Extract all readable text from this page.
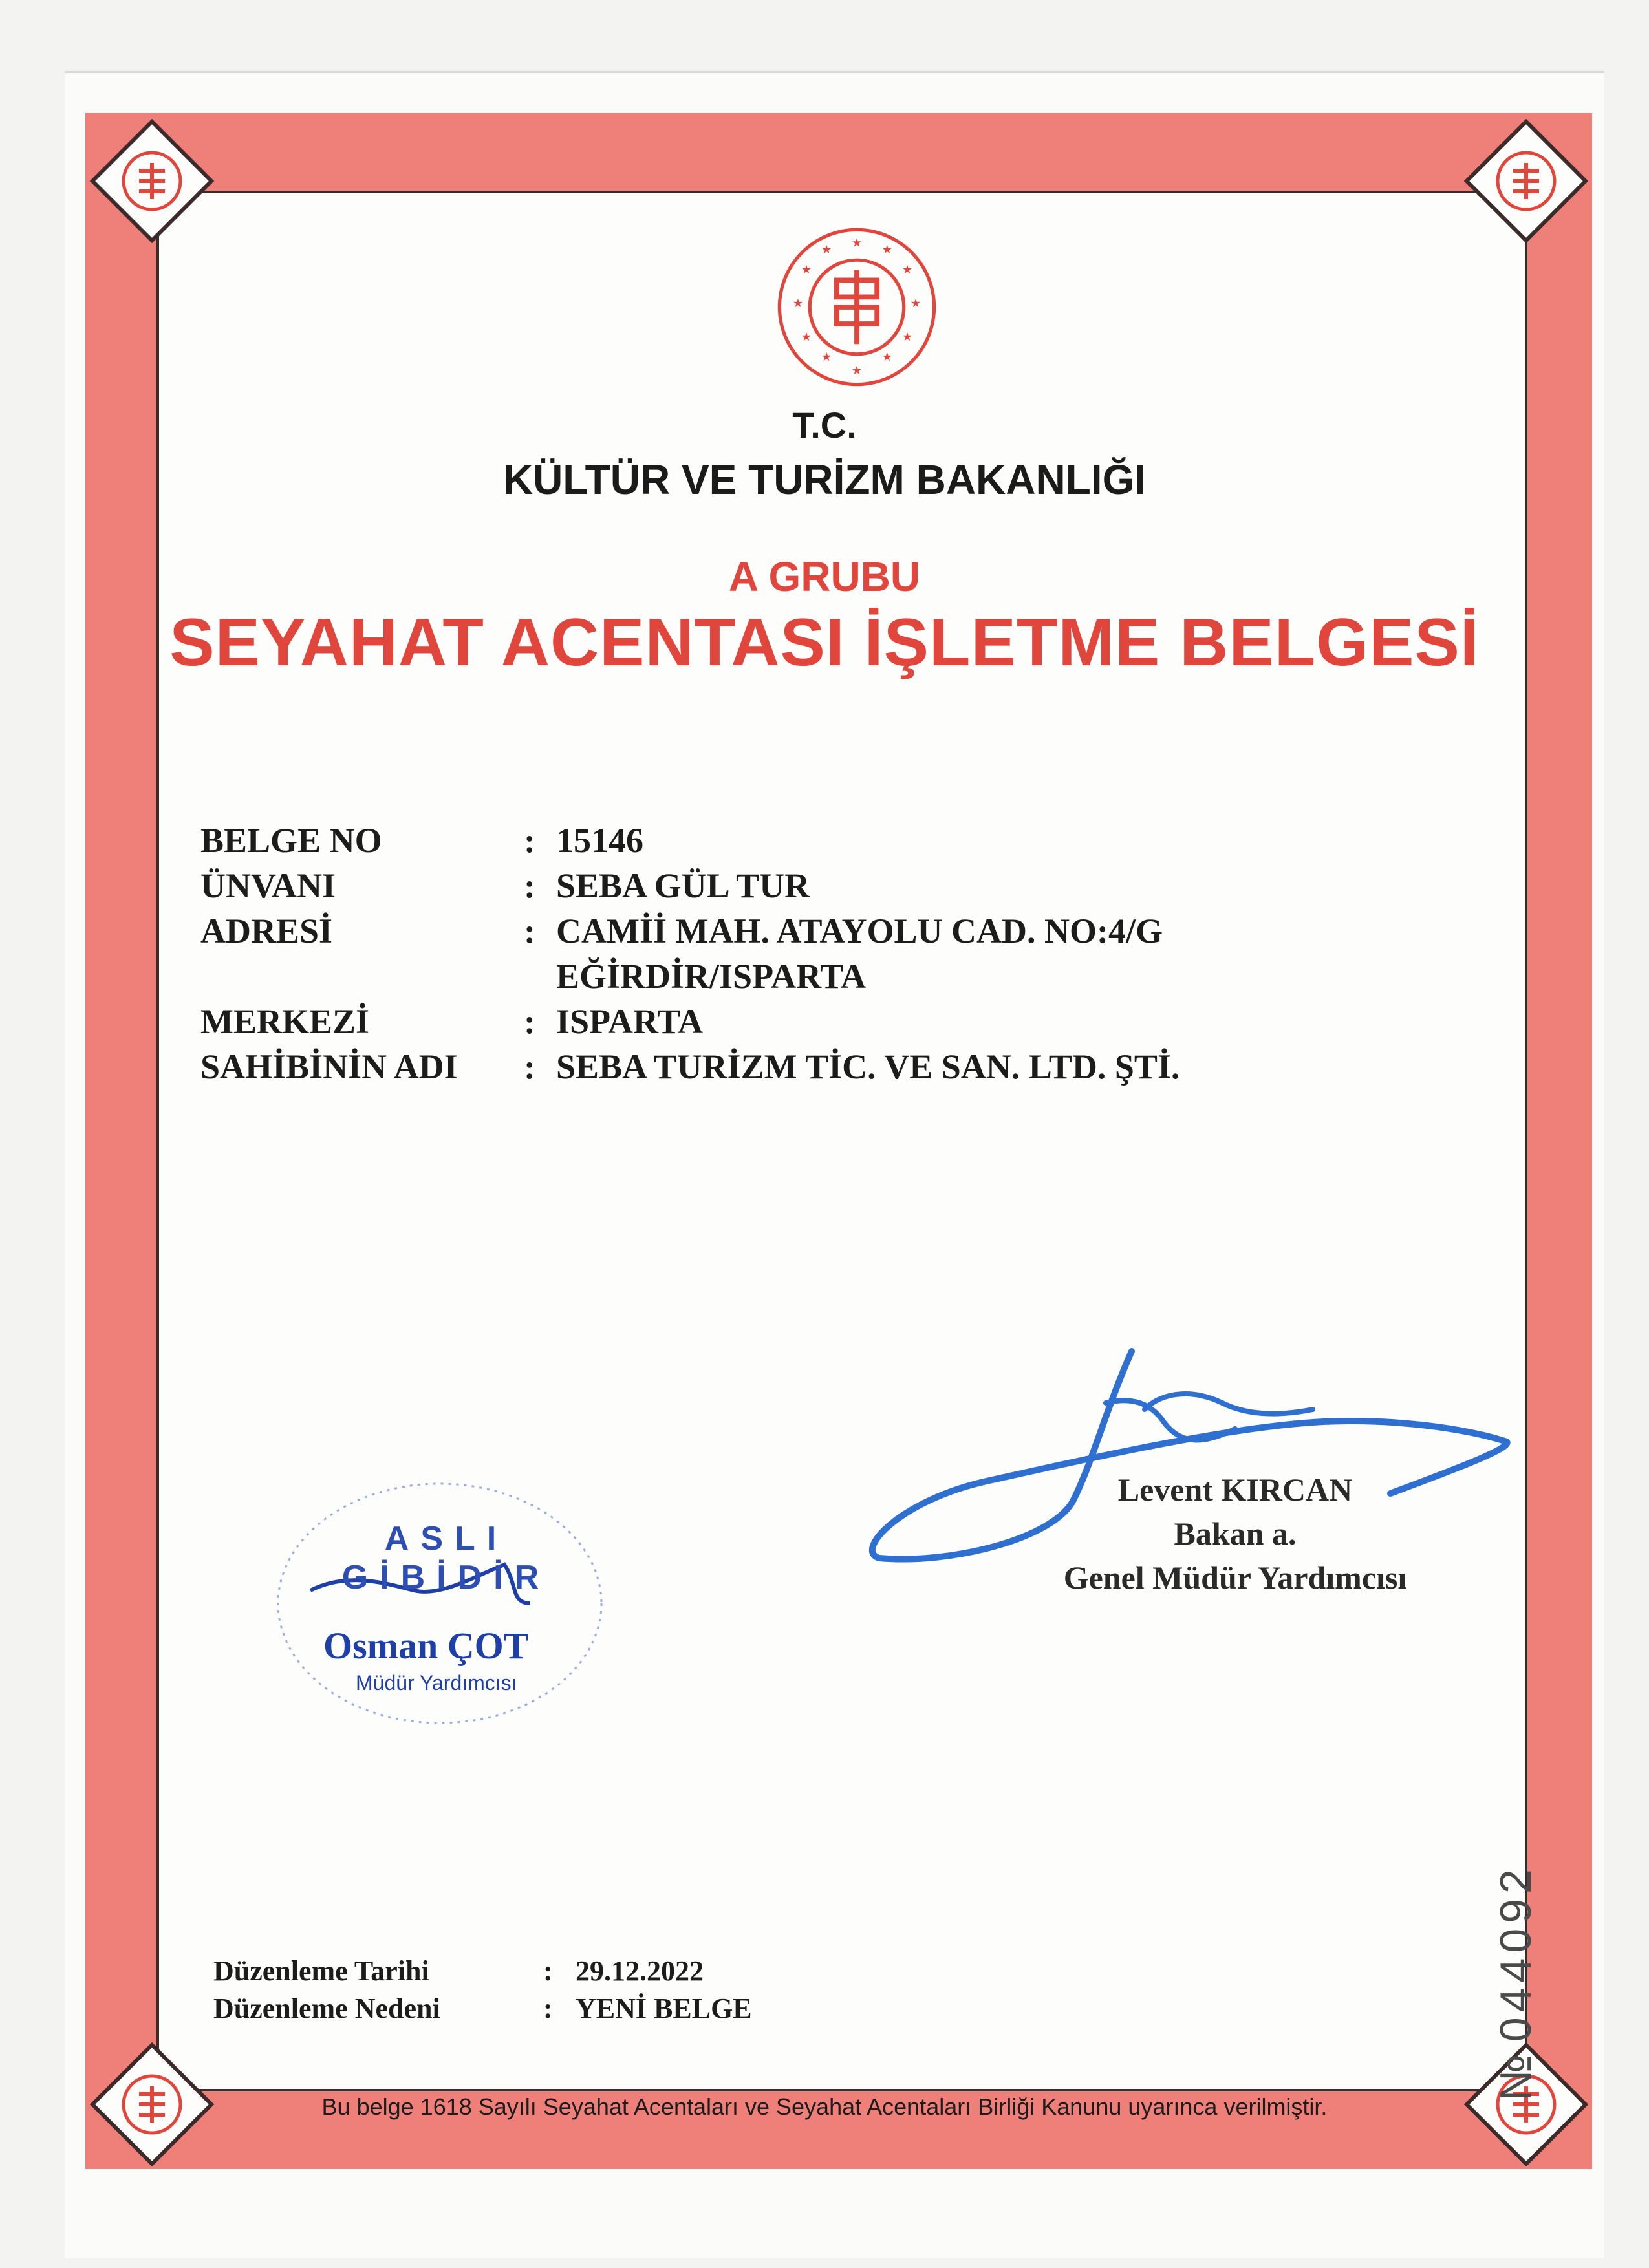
★	★
★
★
★
★
★
★
★
★
★
★
T.C.
KÜLTÜR VE TURİZM BAKANLIĞI
A GRUBU
SEYAHAT ACENTASI İŞLETME BELGESİ
BELGE NO	: 15146
ÜNVANI	: SEBA GÜL TUR
ADRESİ	: CAMİİ MAH. ATAYOLU CAD. NO:4/G
EĞİRDİR/ISPARTA
MERKEZİ	: ISPARTA
SAHİBİNİN ADI	: SEBA TURİZM TİC. VE SAN. LTD. ŞTİ.
Levent KIRCAN
Bakan a.
Genel Müdür Yardımcısı
ASLI GİBİDİR
Osman ÇOT
Müdür Yardımcısı
Düzenleme Tarihi	: 29.12.2022
Düzenleme Nedeni	: YENİ BELGE
Bu belge 1618 Sayılı Seyahat Acentaları ve Seyahat Acentaları Birliği Kanunu uyarınca verilmiştir.
№ 044092
